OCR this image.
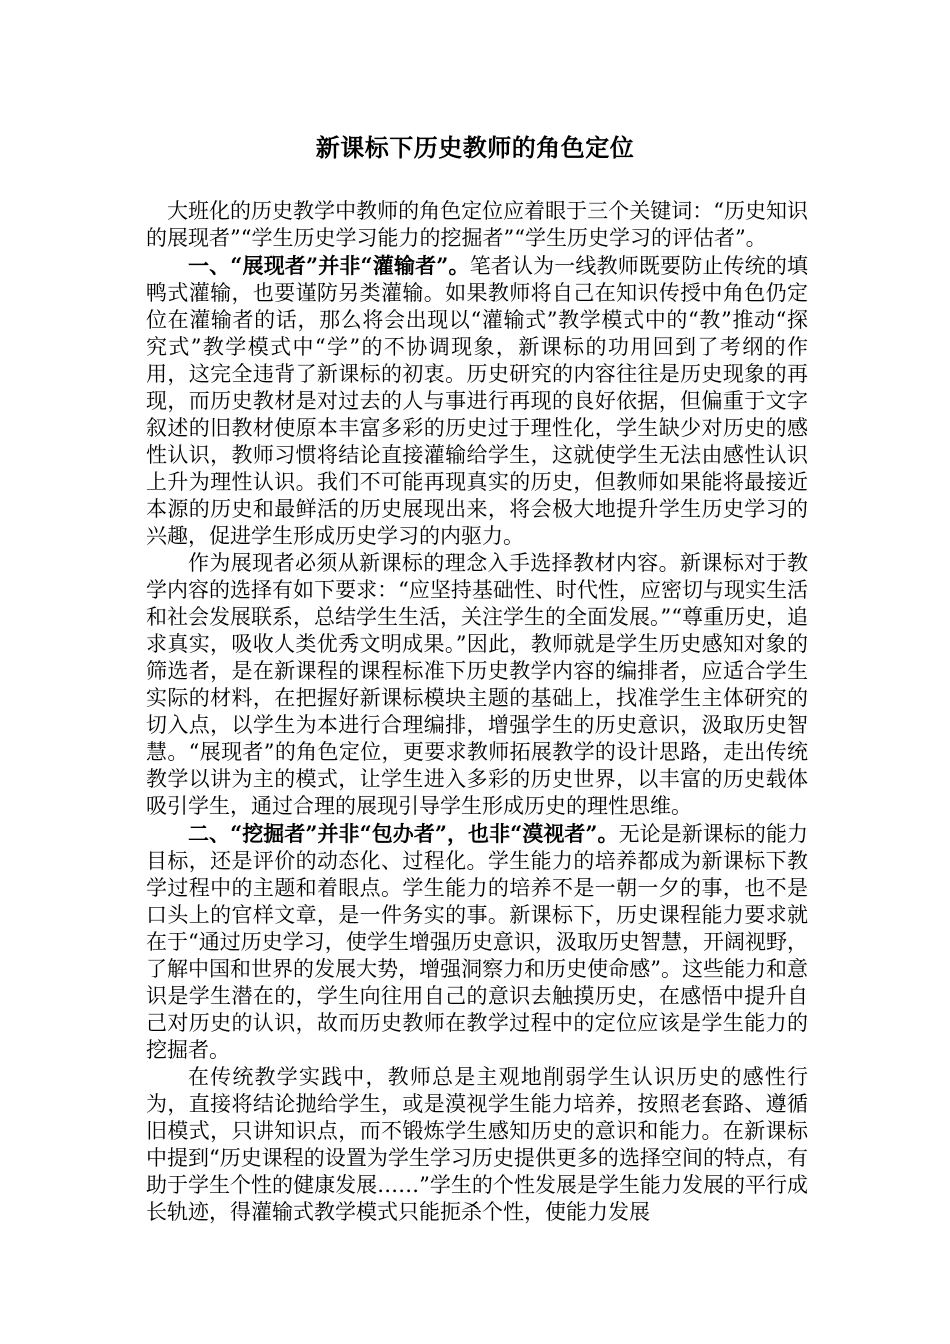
新课标下历史教师的角色定位

大班化的历史教学中教师的角色定位应着眼于三个关键词：“历史知识的展现者”“学生历史学习能力的挖掘者”“学生历史学习的评估者”。

一、“展现者”并非“灌输者”。笔者认为一线教师既要防止传统的填鸭式灌输，也要谨防另类灌输。如果教师将自己在知识传授中角色仍定位在灌输者的话，那么将会出现以“灌输式”教学模式中的“教”推动“探究式”教学模式中“学”的不协调现象，新课标的功用回到了考纲的作用，这完全违背了新课标的初衷。历史研究的内容往往是历史现象的再现，而历史教材是对过去的人与事进行再现的良好依据，但偏重于文字叙述的旧教材使原本丰富多彩的历史过于理性化，学生缺少对历史的感性认识，教师习惯将结论直接灌输给学生，这就使学生无法由感性认识上升为理性认识。我们不可能再现真实的历史，但教师如果能将最接近本源的历史和最鲜活的历史展现出来，将会极大地提升学生历史学习的兴趣，促进学生形成历史学习的内驱力。

作为展现者必须从新课标的理念入手选择教材内容。新课标对于教学内容的选择有如下要求：“应坚持基础性、时代性，应密切与现实生活和社会发展联系，总结学生生活，关注学生的全面发展。”“尊重历史，追求真实，吸收人类优秀文明成果。”因此，教师就是学生历史感知对象的筛选者，是在新课程的课程标准下历史教学内容的编排者，应适合学生实际的材料，在把握好新课标模块主题的基础上，找准学生主体研究的切入点，以学生为本进行合理编排，增强学生的历史意识，汲取历史智慧。“展现者”的角色定位，更要求教师拓展教学的设计思路，走出传统教学以讲为主的模式，让学生进入多彩的历史世界，以丰富的历史载体吸引学生，通过合理的展现引导学生形成历史的理性思维。

二、“挖掘者”并非“包办者”，也非“漠视者”。无论是新课标的能力目标，还是评价的动态化、过程化。学生能力的培养都成为新课标下教学过程中的主题和着眼点。学生能力的培养不是一朝一夕的事，也不是口头上的官样文章，是一件务实的事。新课标下，历史课程能力要求就在于“通过历史学习，使学生增强历史意识，汲取历史智慧，开阔视野，了解中国和世界的发展大势，增强洞察力和历史使命感”。这些能力和意识是学生潜在的，学生向往用自己的意识去触摸历史，在感悟中提升自己对历史的认识，故而历史教师在教学过程中的定位应该是学生能力的挖掘者。

在传统教学实践中，教师总是主观地削弱学生认识历史的感性行为，直接将结论抛给学生，或是漠视学生能力培养，按照老套路、遵循旧模式，只讲知识点，而不锻炼学生感知历史的意识和能力。在新课标中提到“历史课程的设置为学生学习历史提供更多的选择空间的特点，有助于学生个性的健康发展……”学生的个性发展是学生能力发展的平行成长轨迹，得灌输式教学模式只能扼杀个性，使能力发展
